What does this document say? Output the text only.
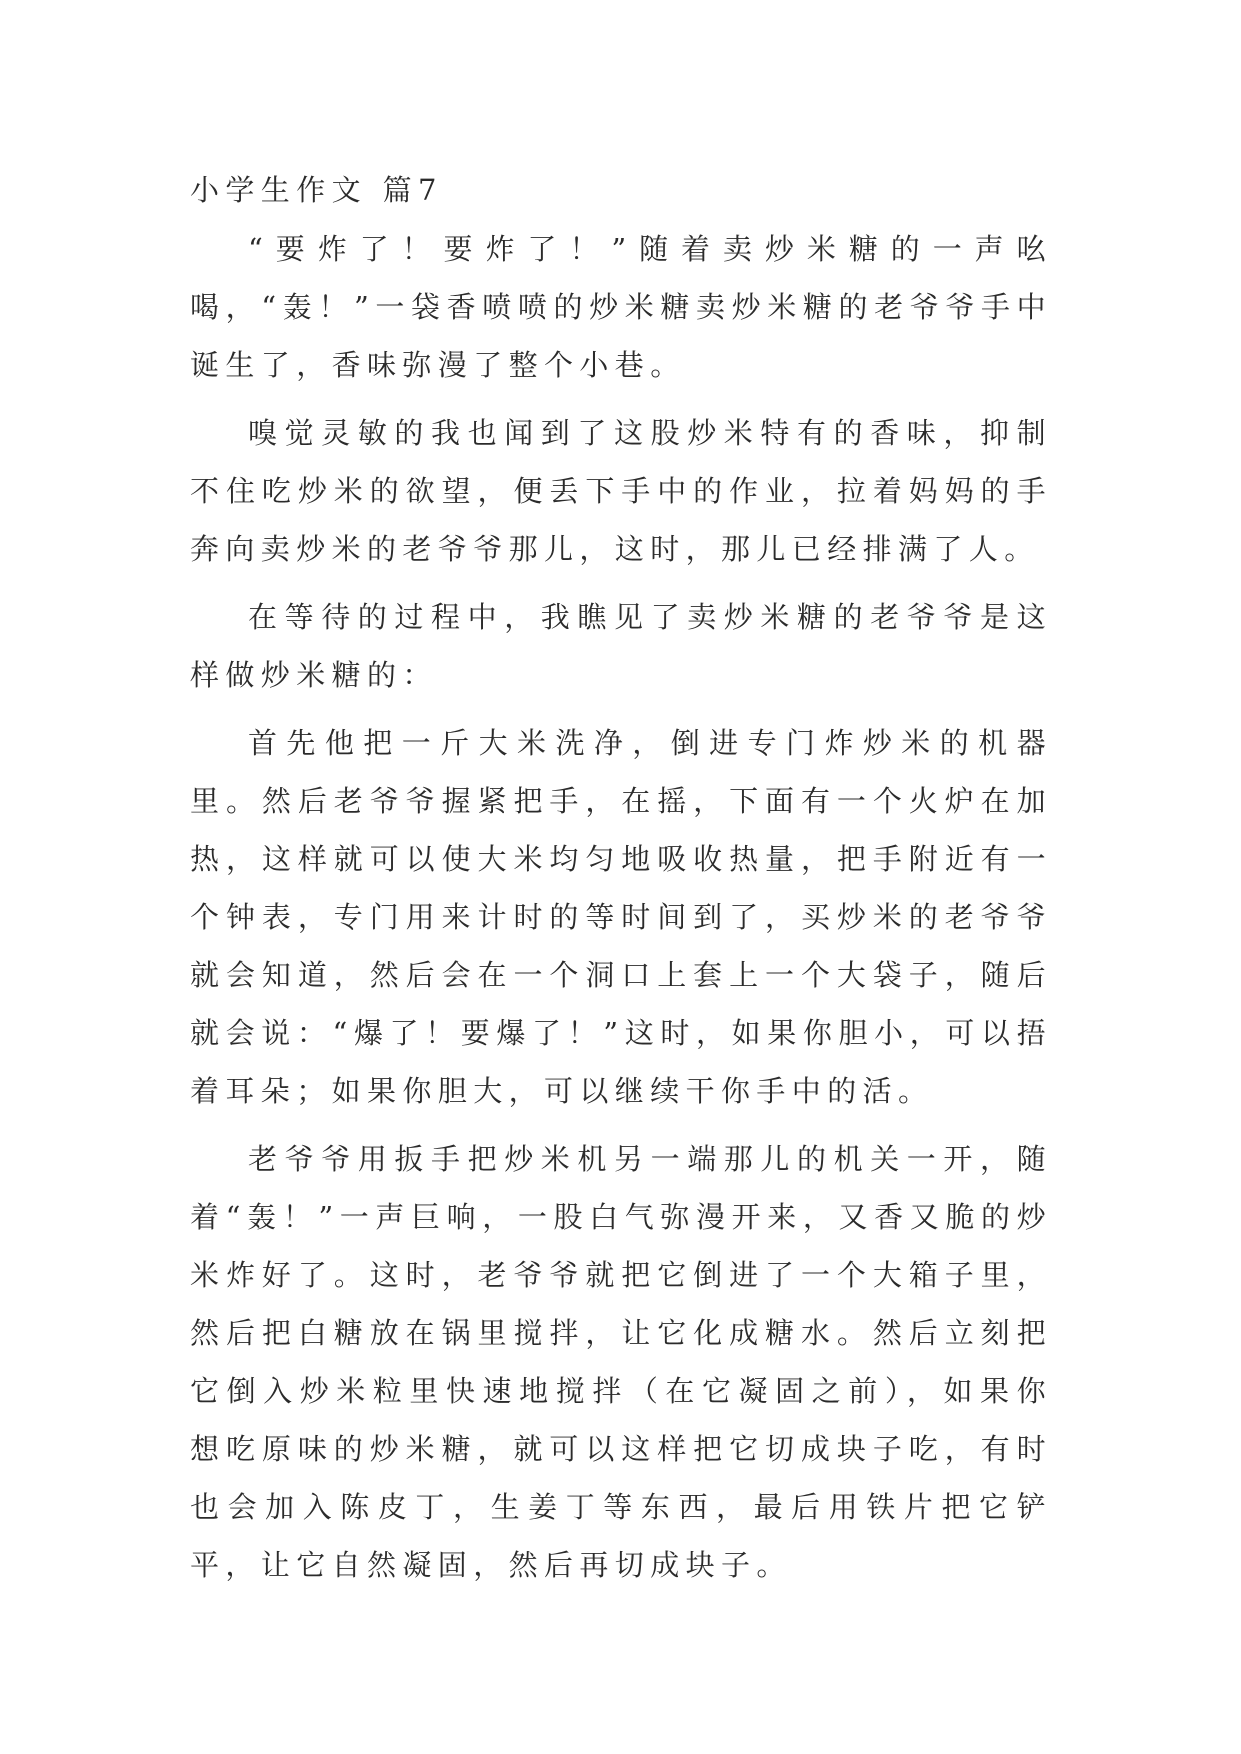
小学生作文 篇7

“要炸了！要炸了！”随着卖炒米糖的一声吆喝，“轰！”一袋香喷喷的炒米糖卖炒米糖的老爷爷手中诞生了，香味弥漫了整个小巷。

嗅觉灵敏的我也闻到了这股炒米特有的香味，抑制不住吃炒米的欲望，便丢下手中的作业，拉着妈妈的手奔向卖炒米的老爷爷那儿，这时，那儿已经排满了人。

在等待的过程中，我瞧见了卖炒米糖的老爷爷是这样做炒米糖的：

首先他把一斤大米洗净，倒进专门炸炒米的机器里。然后老爷爷握紧把手，在摇，下面有一个火炉在加热，这样就可以使大米均匀地吸收热量，把手附近有一个钟表，专门用来计时的等时间到了，买炒米的老爷爷就会知道，然后会在一个洞口上套上一个大袋子，随后就会说：“爆了！要爆了！”这时，如果你胆小，可以捂着耳朵；如果你胆大，可以继续干你手中的活。

老爷爷用扳手把炒米机另一端那儿的机关一开，随着“轰！”一声巨响，一股白气弥漫开来，又香又脆的炒米炸好了。这时，老爷爷就把它倒进了一个大箱子里，然后把白糖放在锅里搅拌，让它化成糖水。然后立刻把它倒入炒米粒里快速地搅拌（在它凝固之前），如果你想吃原味的炒米糖，就可以这样把它切成块子吃，有时也会加入陈皮丁，生姜丁等东西，最后用铁片把它铲平，让它自然凝固，然后再切成块子。
